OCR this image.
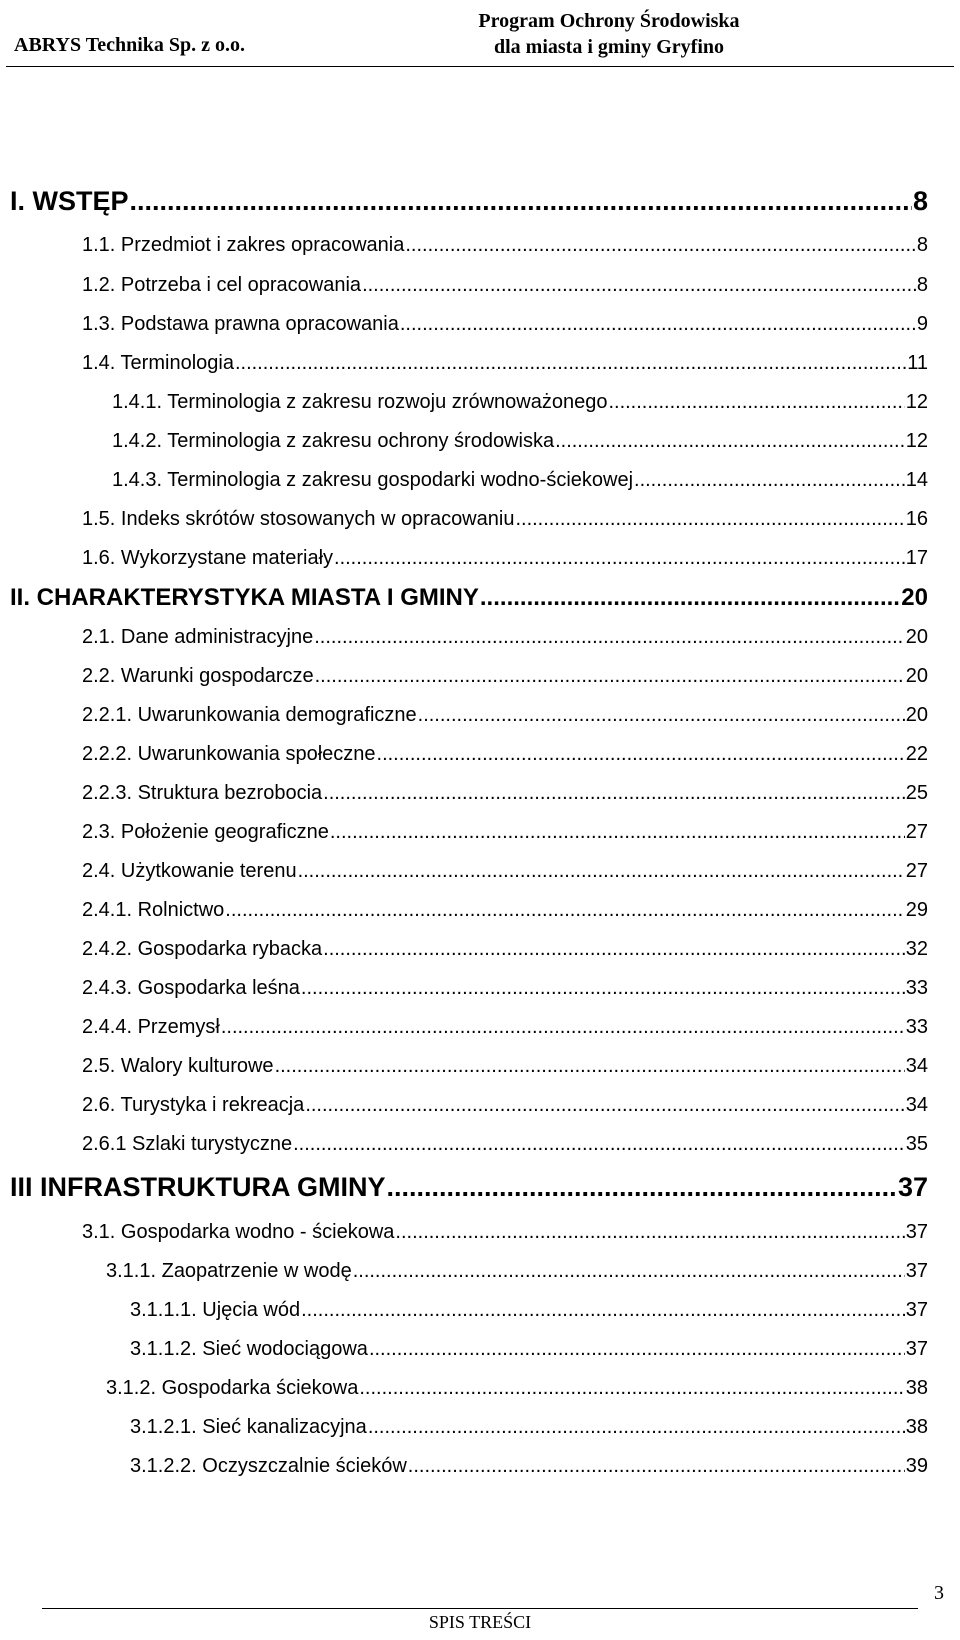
ABRYS Technika Sp. z o.o.
Program Ochrony Środowiska
dla miasta i gminy Gryfino
I. WSTĘP .....	8
1.1. Przedmiot i zakres opracowania .....	8
1.2. Potrzeba i cel opracowania .....	8
1.3. Podstawa prawna opracowania .....	9
1.4. Terminologia .....	11
1.4.1. Terminologia z zakresu rozwoju zrównoważonego .....	12
1.4.2. Terminologia z zakresu ochrony środowiska .....	12
1.4.3. Terminologia z zakresu gospodarki wodno-ściekowej .....	14
1.5. Indeks skrótów stosowanych w opracowaniu .....	16
1.6. Wykorzystane materiały .....	17
II. CHARAKTERYSTYKA MIASTA I GMINY .....	20
2.1. Dane administracyjne .....	20
2.2. Warunki gospodarcze .....	20
2.2.1. Uwarunkowania demograficzne .....	20
2.2.2. Uwarunkowania społeczne .....	22
2.2.3. Struktura bezrobocia .....	25
2.3. Położenie geograficzne .....	27
2.4. Użytkowanie terenu .....	27
2.4.1. Rolnictwo .....	29
2.4.2. Gospodarka rybacka .....	32
2.4.3. Gospodarka leśna .....	33
2.4.4. Przemysł .....	33
2.5. Walory kulturowe .....	34
2.6. Turystyka i rekreacja .....	34
2.6.1 Szlaki turystyczne .....	35
III INFRASTRUKTURA GMINY .....	37
3.1. Gospodarka wodno - ściekowa .....	37
3.1.1. Zaopatrzenie w wodę .....	37
3.1.1.1. Ujęcia wód .....	37
3.1.1.2. Sieć wodociągowa .....	37
3.1.2. Gospodarka ściekowa .....	38
3.1.2.1. Sieć kanalizacyjna .....	38
3.1.2.2. Oczyszczalnie ścieków .....	39
3
SPIS TREŚCI
